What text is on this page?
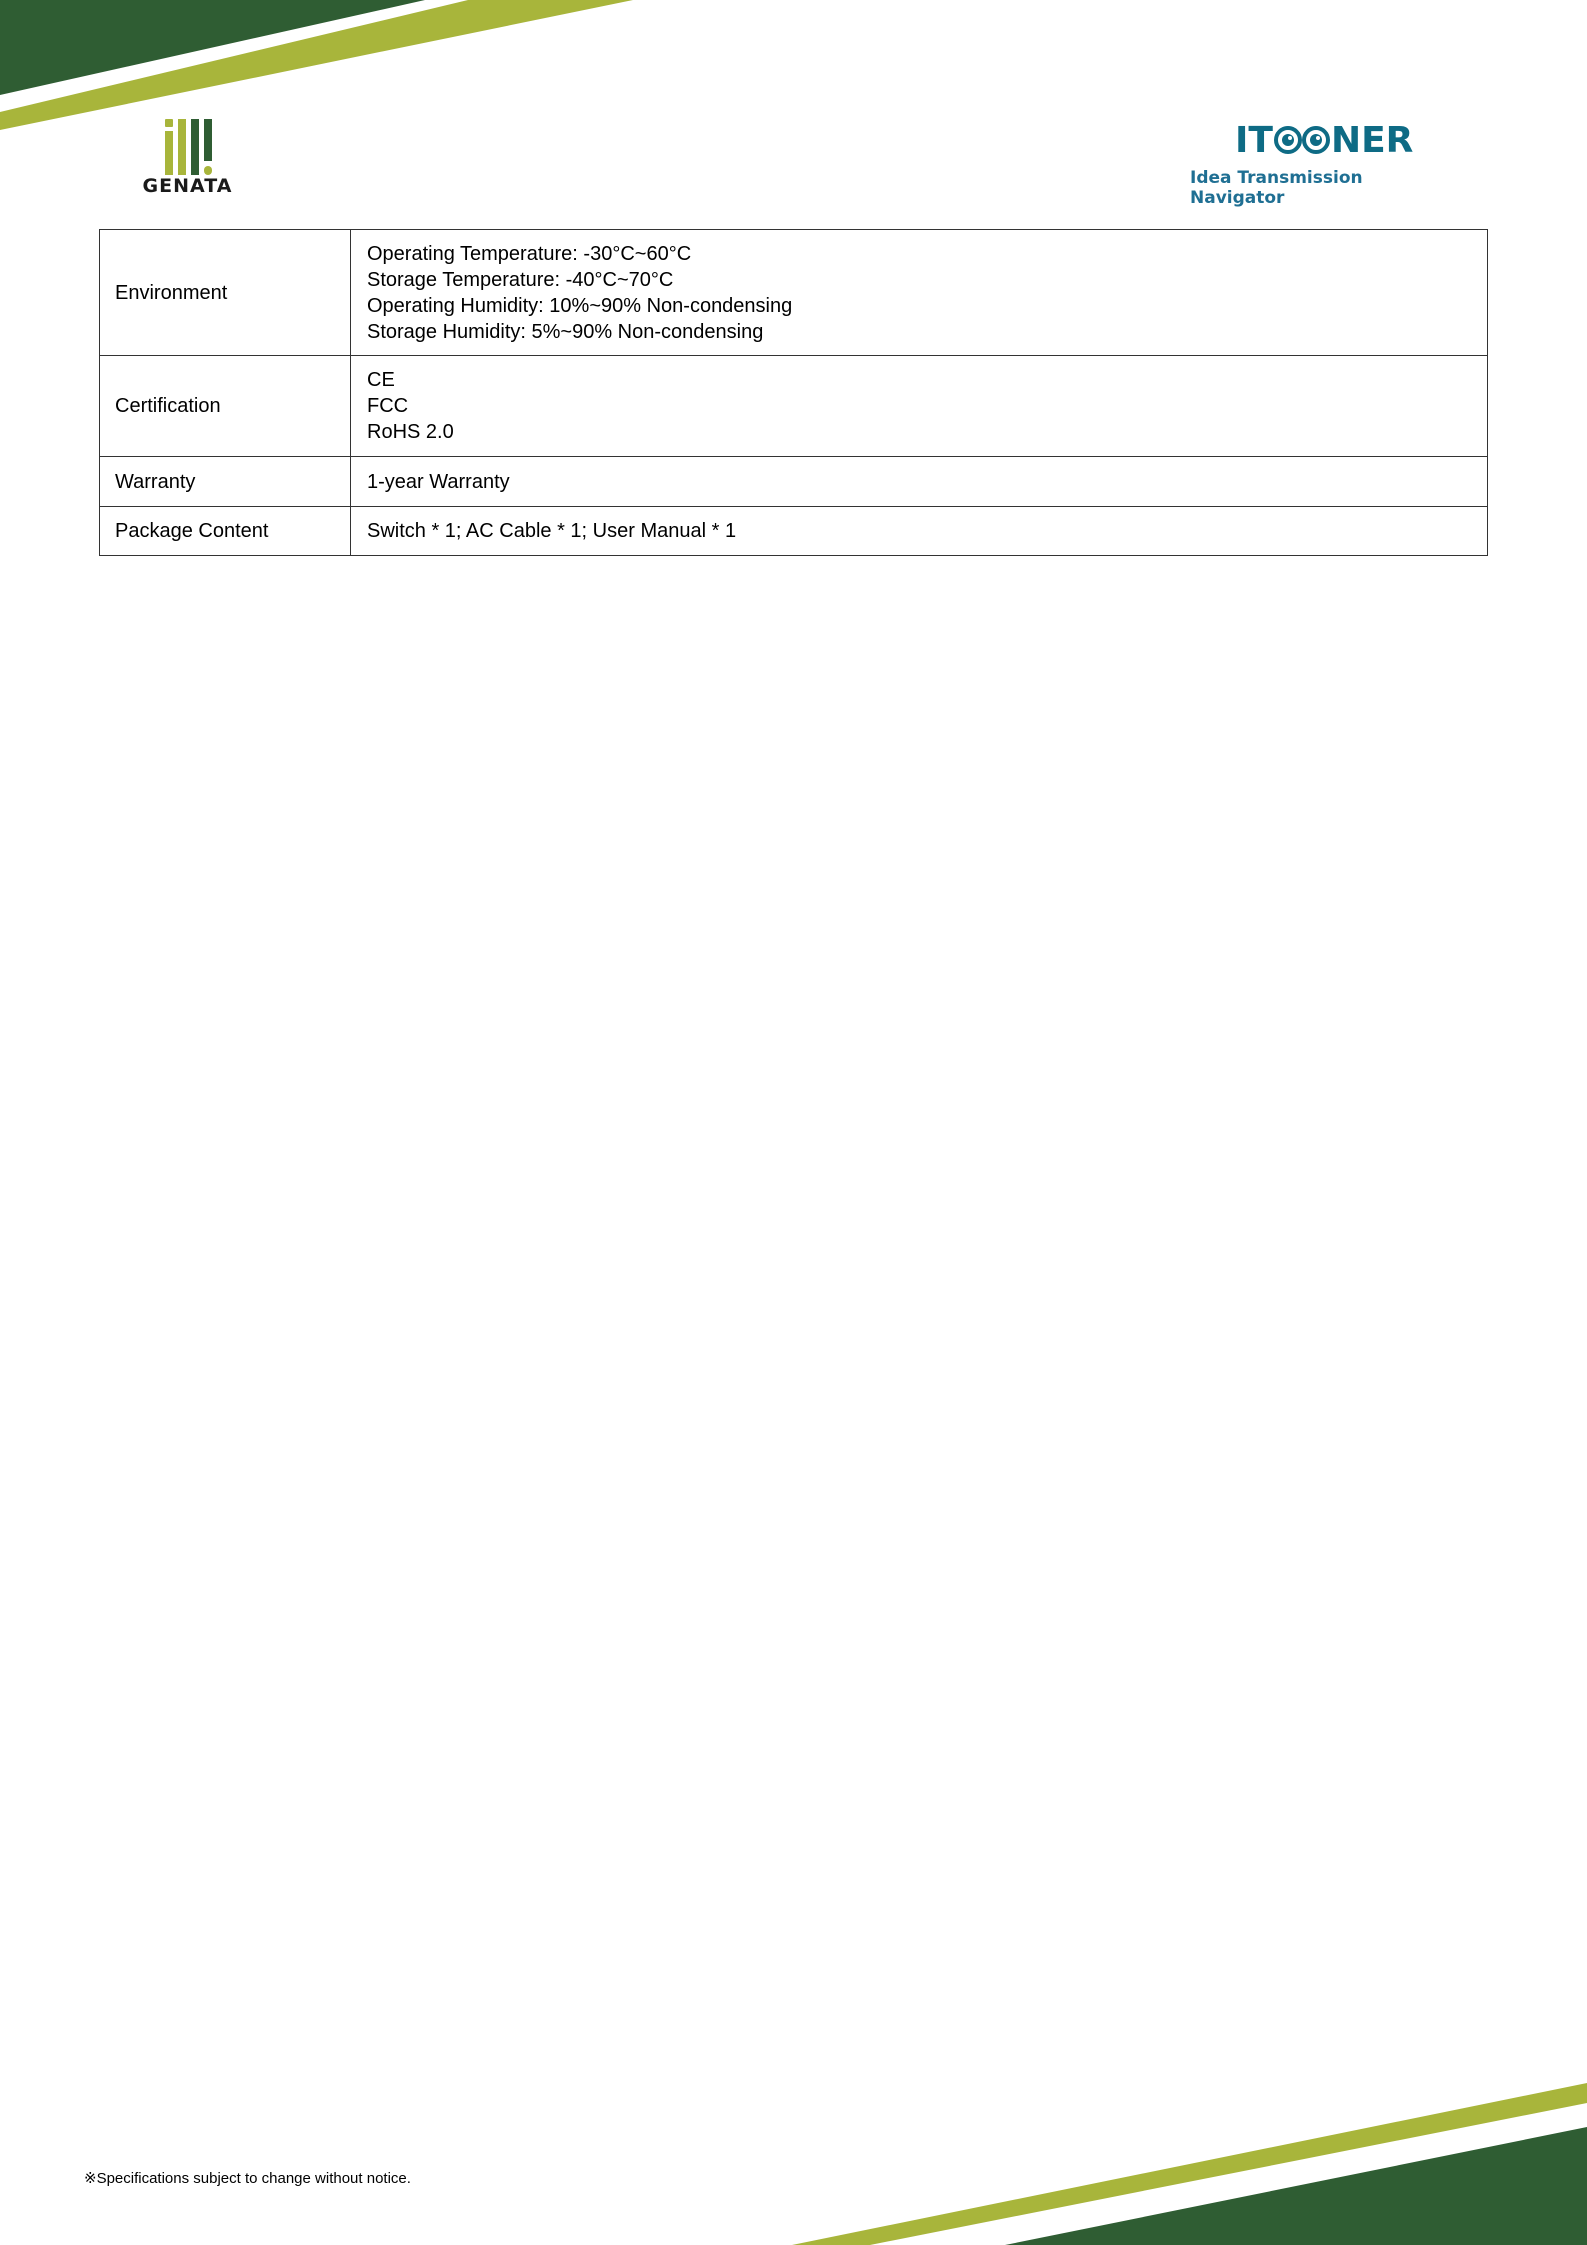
GENATA
IT NER
Idea Transmission Navigator
Environment	Operating Temperature: -30°C~60°C
Storage Temperature: -40°C~70°C
Operating Humidity: 10%~90% Non-condensing
Storage Humidity: 5%~90% Non-condensing

Certification	CE
FCC
RoHS 2.0

Warranty	1-year Warranty

Package Content	Switch * 1; AC Cable * 1; User Manual * 1
※Specifications subject to change without notice.
